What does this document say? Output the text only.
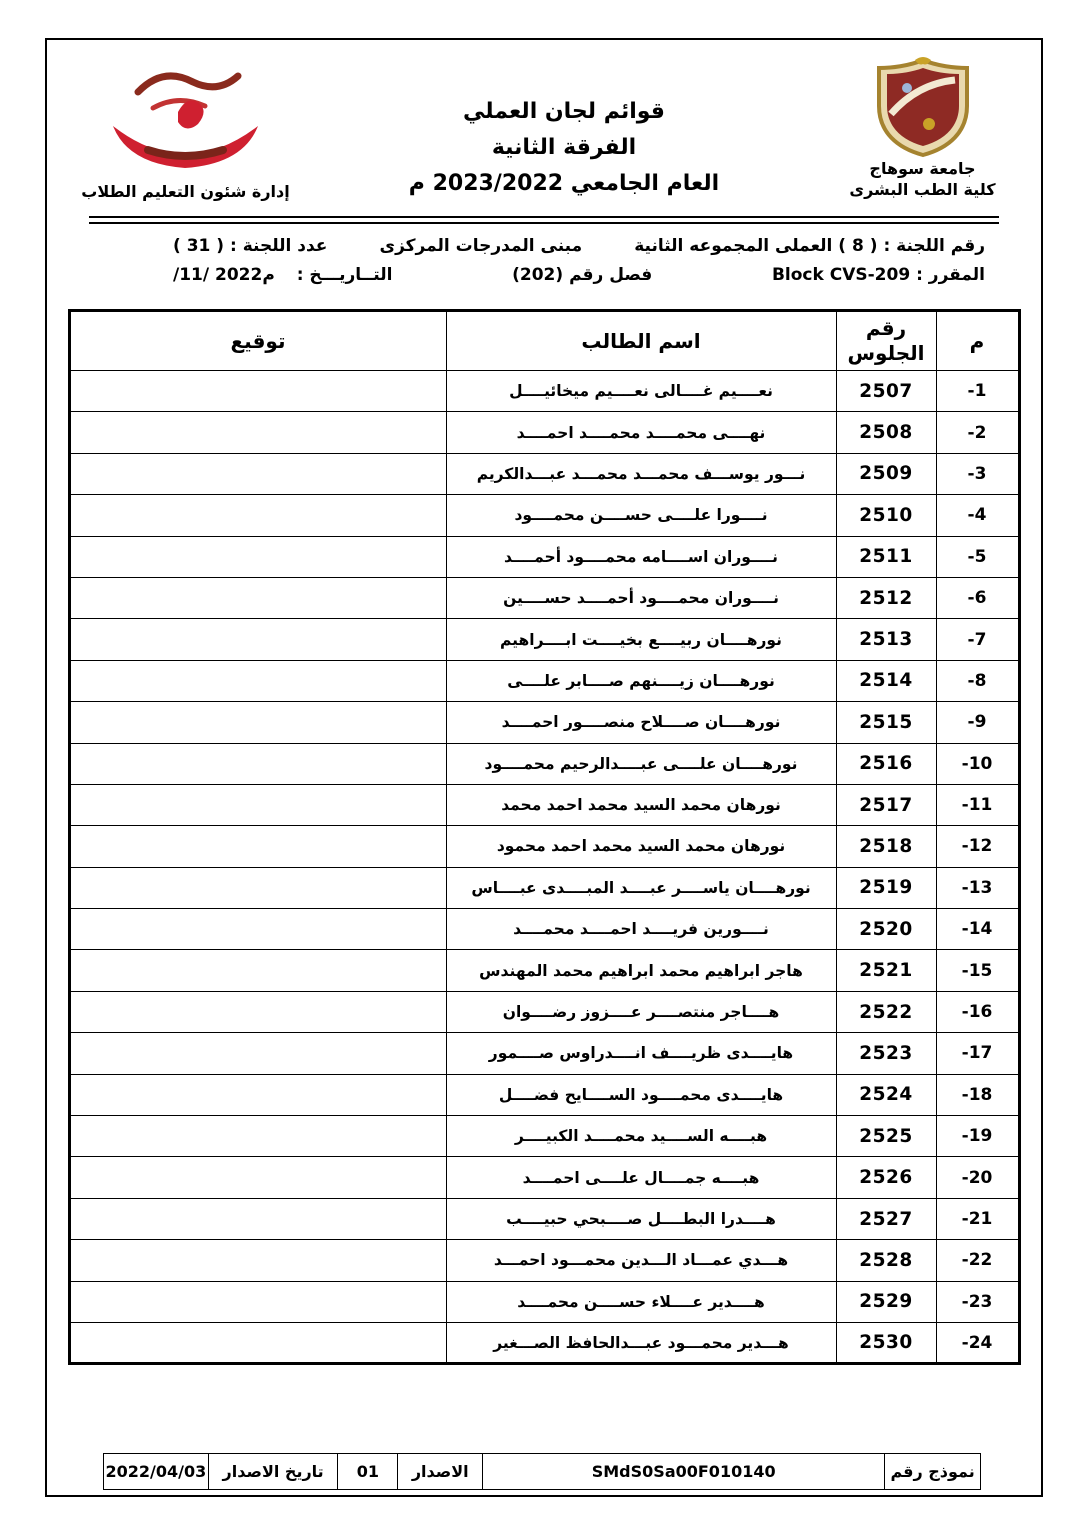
جامعة سوهاج
كلية الطب البشرى
قوائم لجان العملي
الفرقة الثانية
العام الجامعي 2023/2022 م
إدارة شئون التعليم الطلاب
رقم اللجنة : ( 8 ) العملى المجموعه الثانية
مبنى المدرجات المركزى
عدد اللجنة : ( 31 )
المقرر : Block CVS-209
فصل رقم (202)
التــاريـــخ : /11/ 2022م
م	رقم الجلوس	اسم الطالب	توقيع
-1	2507	نعــــيم غــــالى نعــــيم ميخائيــــل	
-2	2508	نهــــى محمــــد محمــــد احمــــد	
-3	2509	نـــور يوســـف محمـــد محمـــد عبـــدالكريم	
-4	2510	نــــورا علــــى حســــن محمــــود	
-5	2511	نــــوران اســــامه محمــــود أحمــــد	
-6	2512	نــــوران محمــــود أحمــــد حســــين	
-7	2513	نورهــــان ربيــــع بخيــــت ابــــراهيم	
-8	2514	نورهــــان زيــــنهم صــــابر علــــى	
-9	2515	نورهــــان صــــلاح منصــــور احمــــد	
-10	2516	نورهــــان علــــى عبــــدالرحيم محمــــود	
-11	2517	نورهان محمد السيد محمد احمد محمد	
-12	2518	نورهان محمد السيد محمد احمد محمود	
-13	2519	نورهــــان ياســــر عبــــد المبــــدى عبــــاس	
-14	2520	نــــورين فريــــد احمــــد محمــــد	
-15	2521	هاجر ابراهيم محمد ابراهيم محمد المهندس	
-16	2522	هــــاجر منتصــــر عــــزوز رضــــوان	
-17	2523	هايــــدى ظريــــف انــــدراوس صــــمور	
-18	2524	هايــــدى محمــــود الســــايح فضــــل	
-19	2525	هبــــه الســــيد محمــــد الكبيــــر	
-20	2526	هبــــه جمــــال علــــى احمــــد	
-21	2527	هــــدرا البطــــل صــــبحي حبيــــب	
-22	2528	هـــدي عمـــاد الـــدين محمـــود احمـــد	
-23	2529	هــــدير عــــلاء حســــن محمــــد	
-24	2530	هـــدير محمـــود عبـــدالحافظ الصـــغير	
نموذج رقم
SMdS0Sa00F010140
الاصدار
01
تاريخ الاصدار
2022/04/03
